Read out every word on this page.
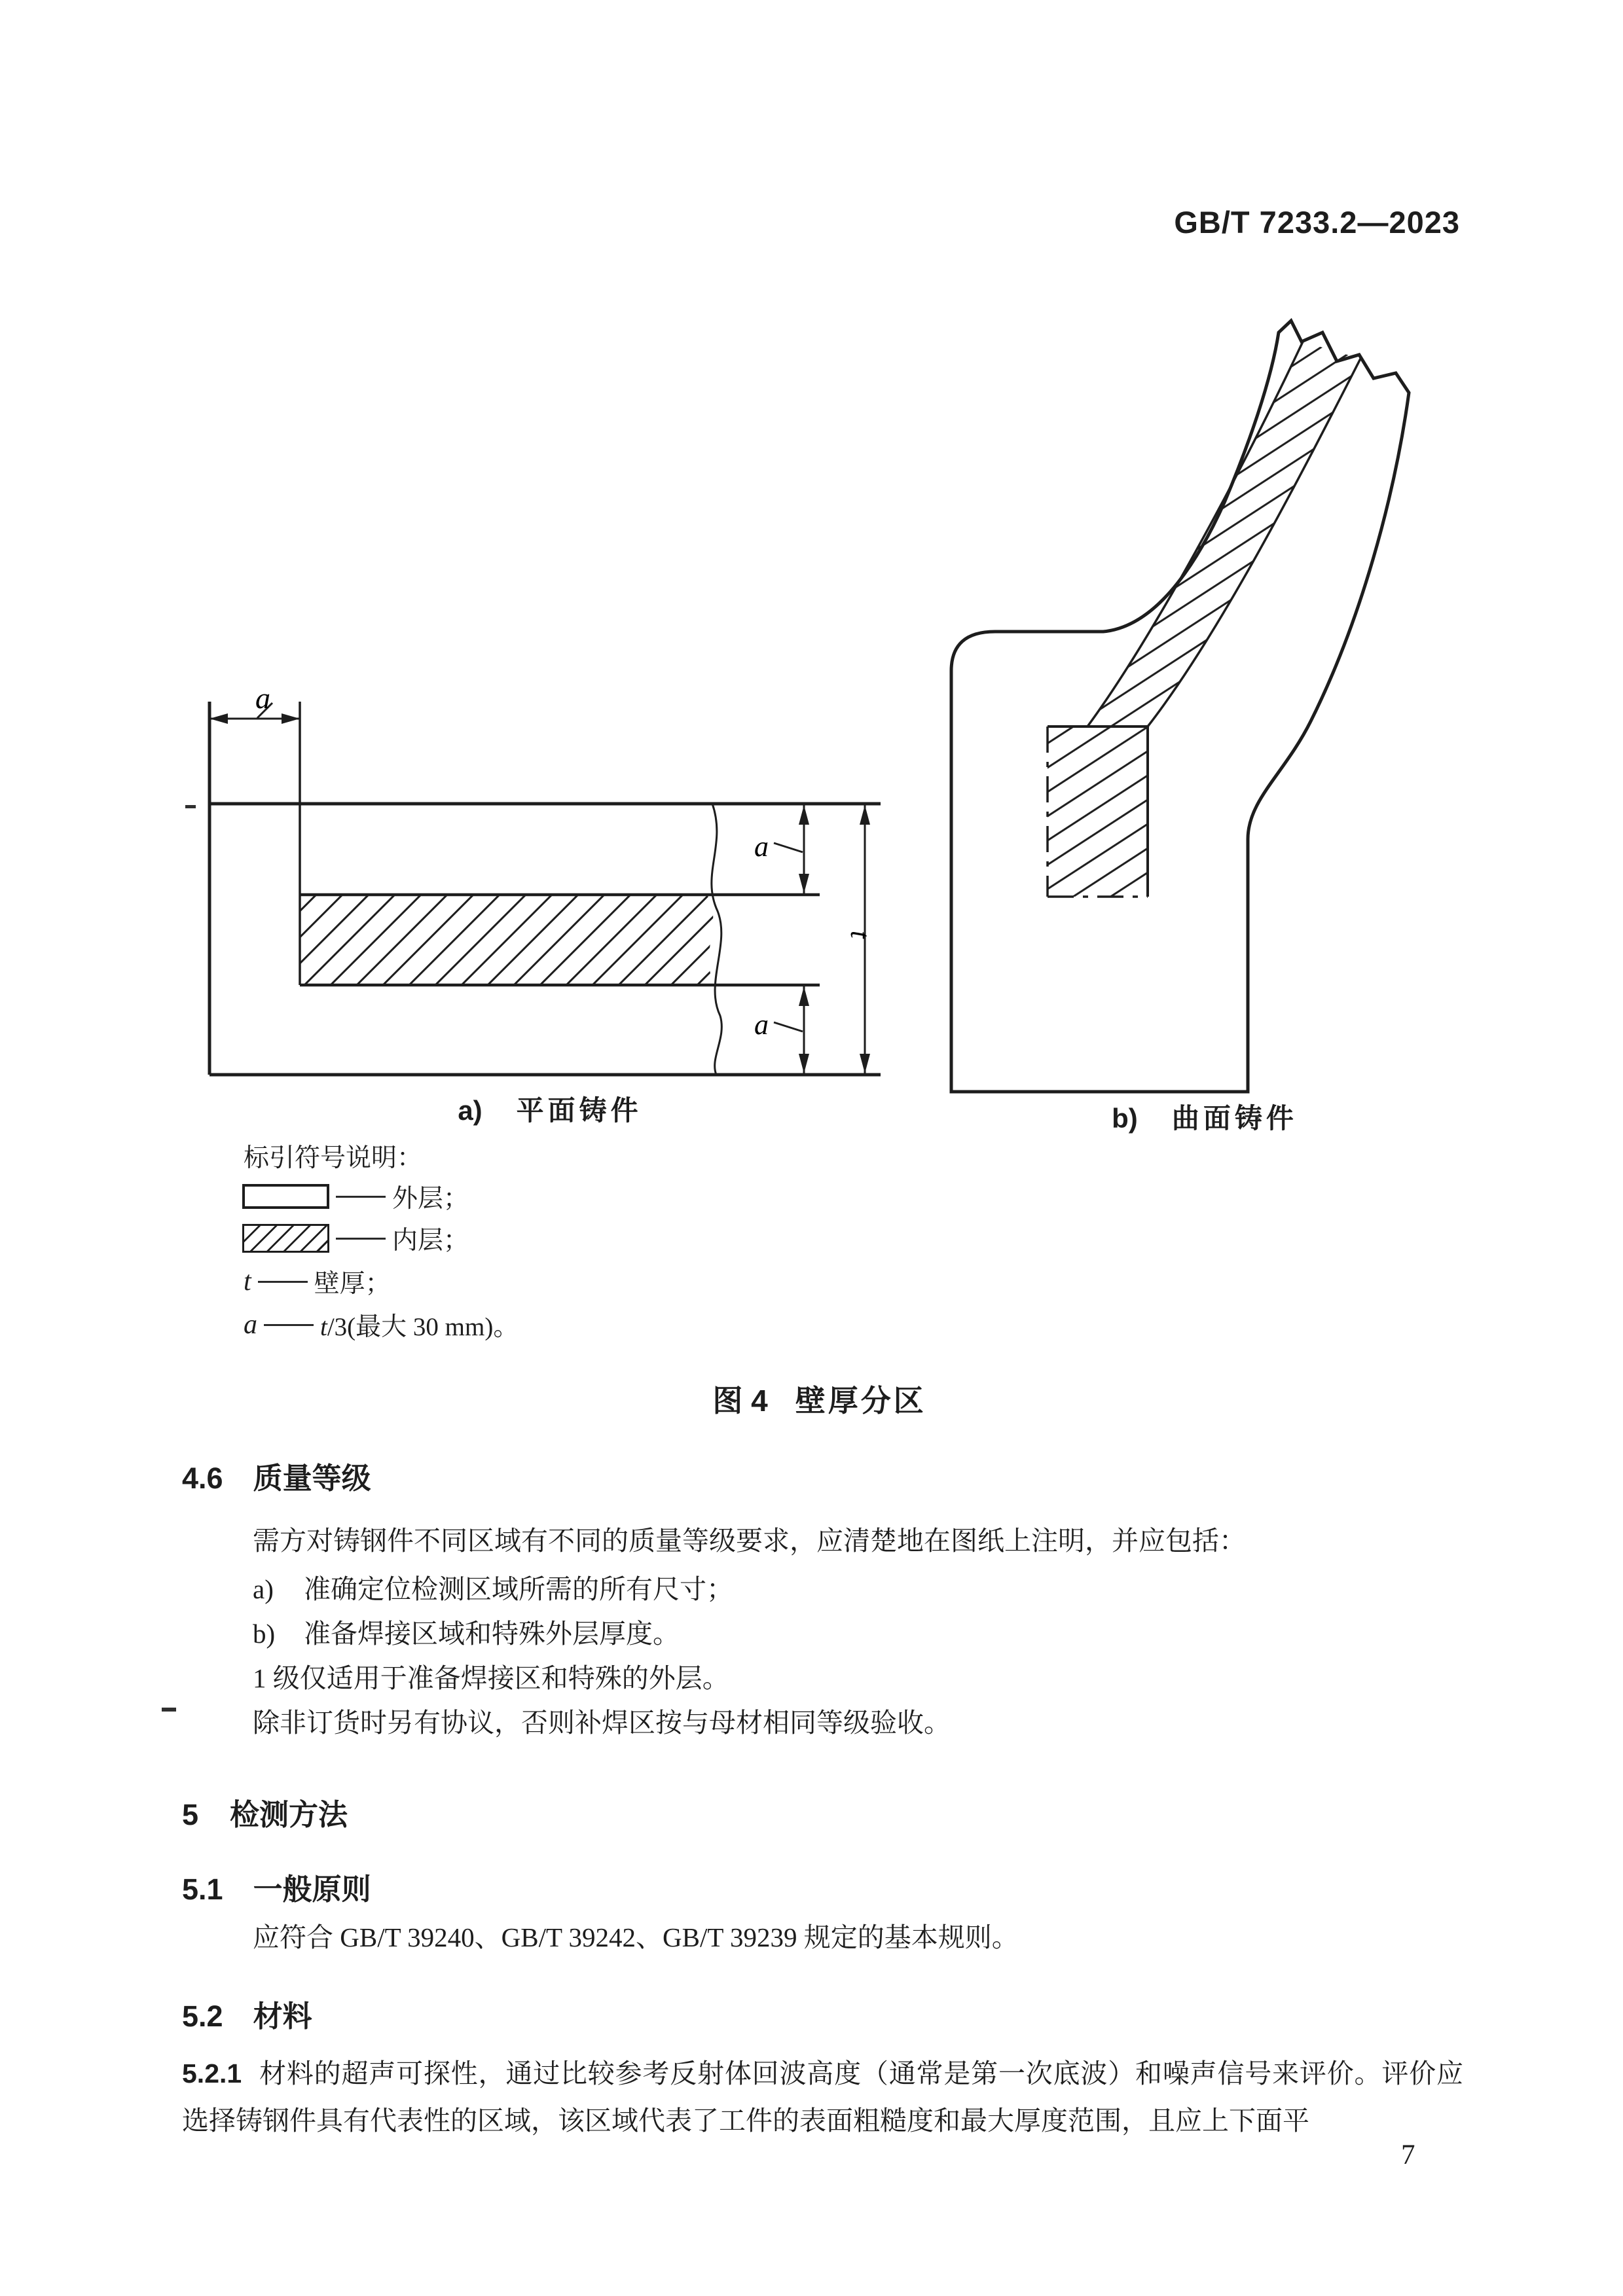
GB/T 7233.2—2023
a
a
a
t
a) 平面铸件	b) 曲面铸件
标引符号说明：
外层；
内层；
t 壁厚；
a t/3(最大 30 mm)。
图 4 壁厚分区
4.6 质量等级
需方对铸钢件不同区域有不同的质量等级要求，应清楚地在图纸上注明，并应包括：
a) 准确定位检测区域所需的所有尺寸；
b) 准备焊接区域和特殊外层厚度。
1 级仅适用于准备焊接区和特殊的外层。
除非订货时另有协议，否则补焊区按与母材相同等级验收。
5 检测方法
5.1 一般原则
应符合 GB/T 39240、GB/T 39242、GB/T 39239 规定的基本规则。
5.2 材料
5.2.1 材料的超声可探性，通过比较参考反射体回波高度（通常是第一次底波）和噪声信号来评价。评价应选择铸钢件具有代表性的区域，该区域代表了工件的表面粗糙度和最大厚度范围，且应上下面平
7
